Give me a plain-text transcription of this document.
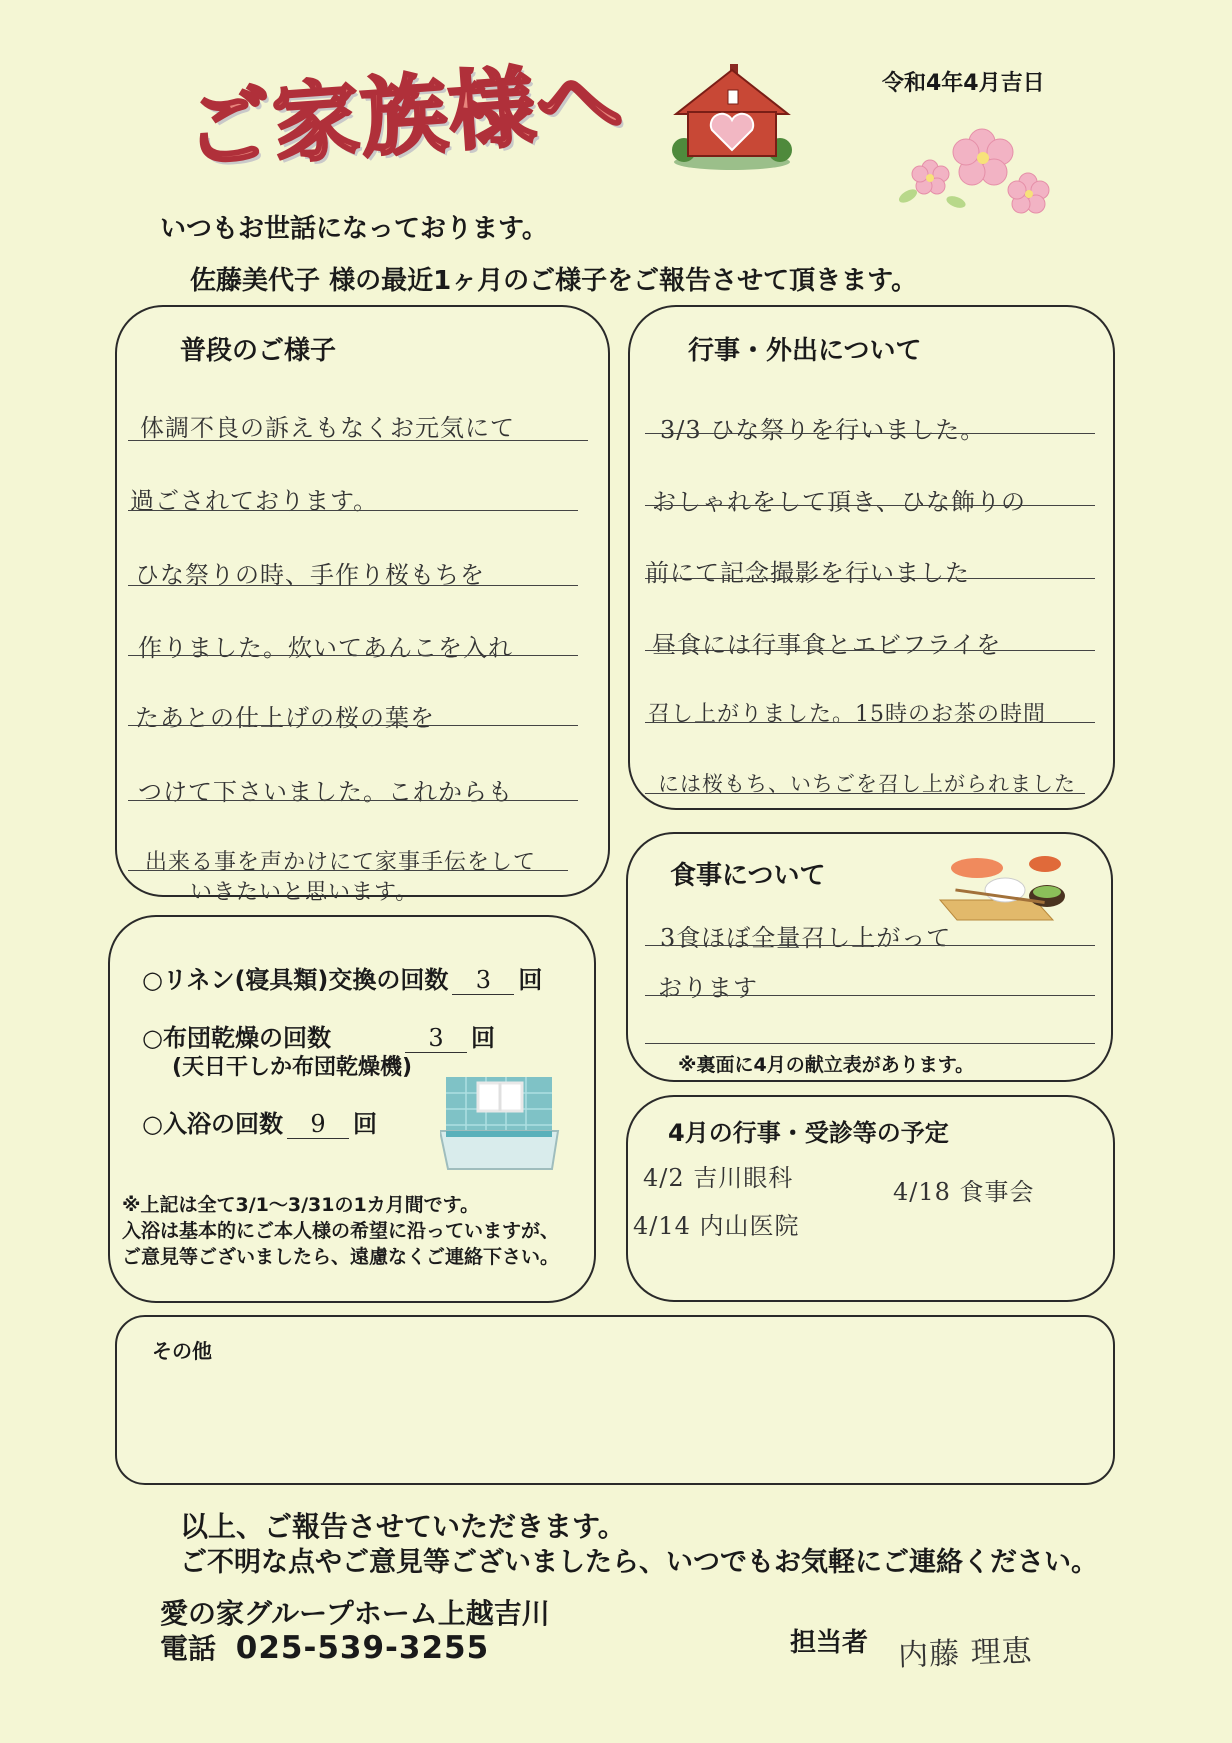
ご家族様へ	令和4年4月吉日
いつもお世話になっております。
佐藤美代子 様の最近1ヶ月のご様子をご報告させて頂きます。
普段のご様子
体調不良の訴えもなくお元気にて
過ごされております。
ひな祭りの時、手作り桜もちを
作りました。炊いてあんこを入れ
たあとの仕上げの桜の葉を
つけて下さいました。これからも
出来る事を声かけにて家事手伝をして
いきたいと思います。
行事・外出について
3/3 ひな祭りを行いました。
おしゃれをして頂き、ひな飾りの
前にて記念撮影を行いました
昼食には行事食とエビフライを
召し上がりました。15時のお茶の時間
には桜もち、いちごを召し上がられました
食事について
3食ほぼ全量召し上がって
おります
※裏面に4月の献立表があります。
○リネン(寝具類)交換の回数 3 回
○布団乾燥の回数	3 回
(天日干しか布団乾燥機)
○入浴の回数 9 回
※上記は全て3/1～3/31の1カ月間です。
入浴は基本的にご本人様の希望に沿っていますが、
ご意見等ございましたら、遠慮なくご連絡下さい。
4月の行事・受診等の予定
4/2 吉川眼科
4/14 内山医院
4/18 食事会
その他
以上、ご報告させていただきます。
ご不明な点やご意見等ございましたら、いつでもお気軽にご連絡ください。
愛の家グループホーム上越吉川
電話 025-539-3255	担当者 内藤 理恵
